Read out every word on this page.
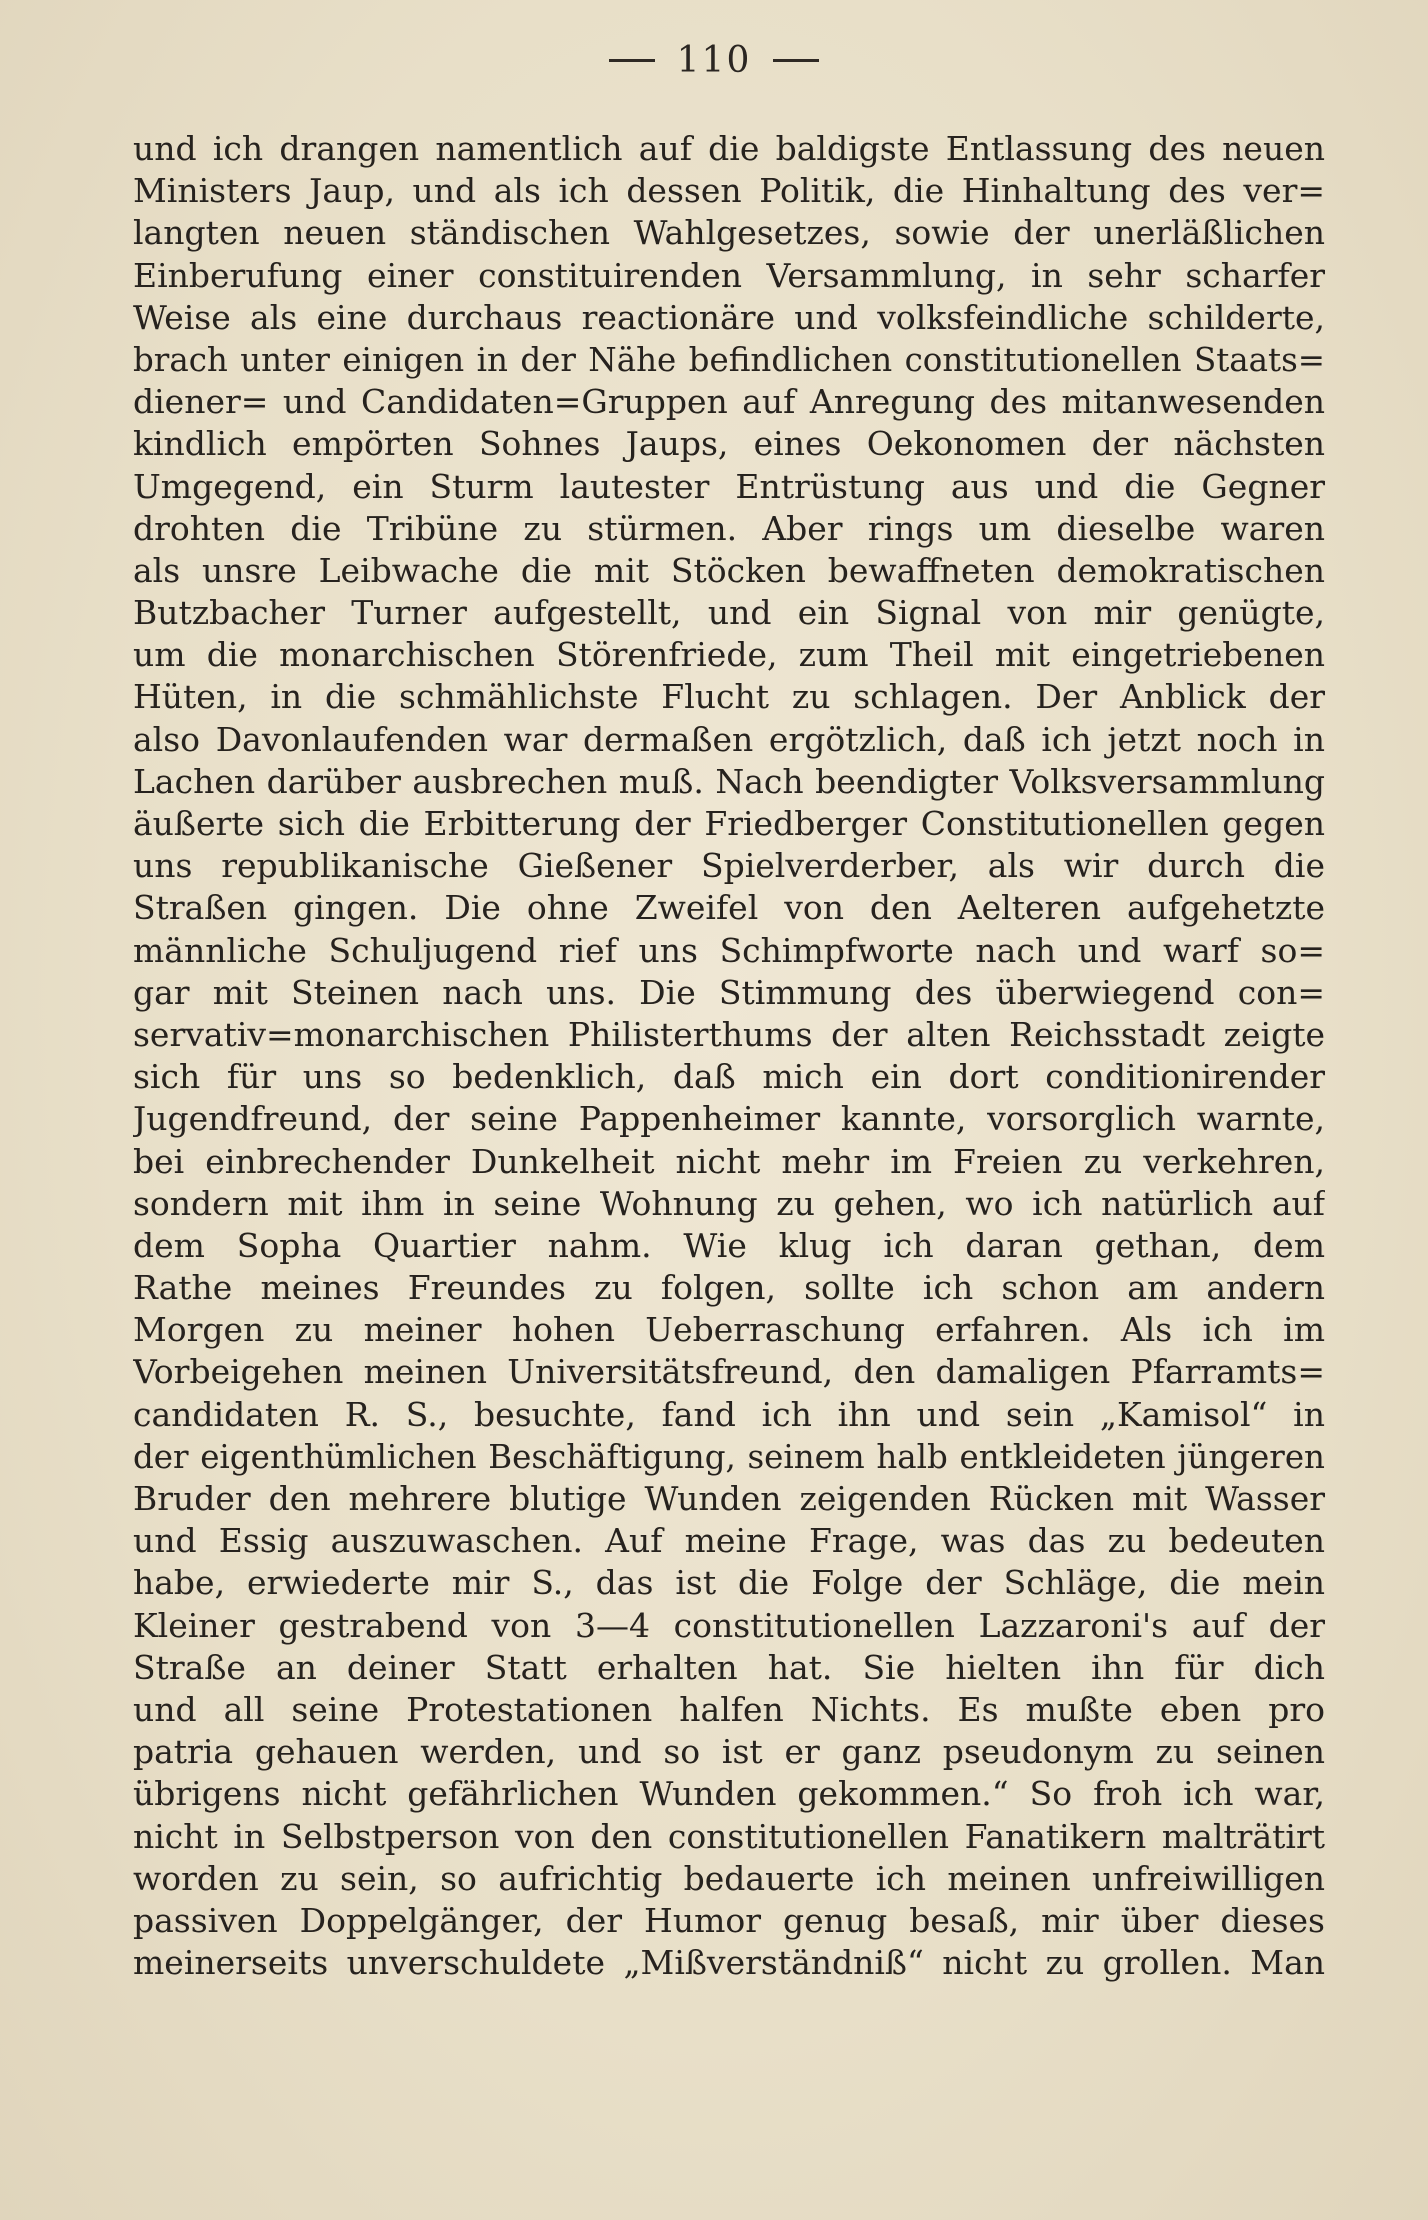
110
und ich drangen namentlich auf die baldigste Entlassung des neuen
Ministers Jaup, und als ich dessen Politik, die Hinhaltung des ver=
langten neuen ständischen Wahlgesetzes, sowie der unerläßlichen
Einberufung einer constituirenden Versammlung, in sehr scharfer
Weise als eine durchaus reactionäre und volksfeindliche schilderte,
brach unter einigen in der Nähe befindlichen constitutionellen Staats=
diener= und Candidaten=Gruppen auf Anregung des mitanwesenden
kindlich empörten Sohnes Jaups, eines Oekonomen der nächsten
Umgegend, ein Sturm lautester Entrüstung aus und die Gegner
drohten die Tribüne zu stürmen. Aber rings um dieselbe waren
als unsre Leibwache die mit Stöcken bewaffneten demokratischen
Butzbacher Turner aufgestellt, und ein Signal von mir genügte,
um die monarchischen Störenfriede, zum Theil mit eingetriebenen
Hüten, in die schmählichste Flucht zu schlagen. Der Anblick der
also Davonlaufenden war dermaßen ergötzlich, daß ich jetzt noch in
Lachen darüber ausbrechen muß. Nach beendigter Volksversammlung
äußerte sich die Erbitterung der Friedberger Constitutionellen gegen
uns republikanische Gießener Spielverderber, als wir durch die
Straßen gingen. Die ohne Zweifel von den Aelteren aufgehetzte
männliche Schuljugend rief uns Schimpfworte nach und warf so=
gar mit Steinen nach uns. Die Stimmung des überwiegend con=
servativ=monarchischen Philisterthums der alten Reichsstadt zeigte
sich für uns so bedenklich, daß mich ein dort conditionirender
Jugendfreund, der seine Pappenheimer kannte, vorsorglich warnte,
bei einbrechender Dunkelheit nicht mehr im Freien zu verkehren,
sondern mit ihm in seine Wohnung zu gehen, wo ich natürlich auf
dem Sopha Quartier nahm. Wie klug ich daran gethan, dem
Rathe meines Freundes zu folgen, sollte ich schon am andern
Morgen zu meiner hohen Ueberraschung erfahren. Als ich im
Vorbeigehen meinen Universitätsfreund, den damaligen Pfarramts=
candidaten R. S., besuchte, fand ich ihn und sein „Kamisol“ in
der eigenthümlichen Beschäftigung, seinem halb entkleideten jüngeren
Bruder den mehrere blutige Wunden zeigenden Rücken mit Wasser
und Essig auszuwaschen. Auf meine Frage, was das zu bedeuten
habe, erwiederte mir S., das ist die Folge der Schläge, die mein
Kleiner gestrabend von 3—4 constitutionellen Lazzaroni's auf der
Straße an deiner Statt erhalten hat. Sie hielten ihn für dich
und all seine Protestationen halfen Nichts. Es mußte eben pro
patria gehauen werden, und so ist er ganz pseudonym zu seinen
übrigens nicht gefährlichen Wunden gekommen.“ So froh ich war,
nicht in Selbstperson von den constitutionellen Fanatikern malträtirt
worden zu sein, so aufrichtig bedauerte ich meinen unfreiwilligen
passiven Doppelgänger, der Humor genug besaß, mir über dieses
meinerseits unverschuldete „Mißverständniß“ nicht zu grollen. Man
